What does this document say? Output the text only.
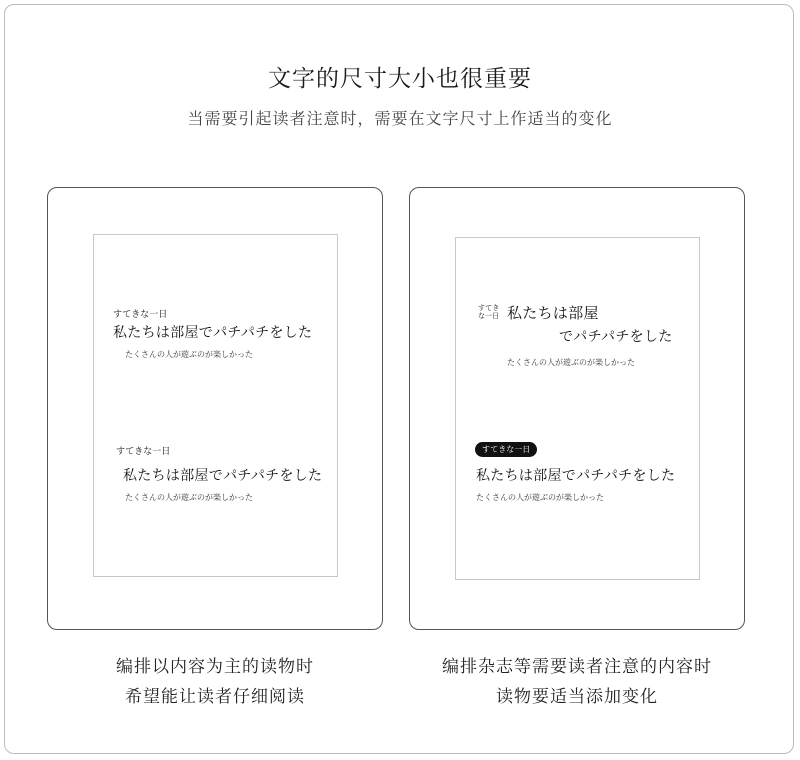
文字的尺寸大小也很重要
当需要引起读者注意时，需要在文字尺寸上作适当的变化
すてきな一日
私たちは部屋でパチパチをした
たくさんの人が遊ぶのが楽しかった
すてきな一日
私たちは部屋でパチパチをした
たくさんの人が遊ぶのが楽しかった
すてき
な一日 私たちは部屋
でパチパチをした
たくさんの人が遊ぶのが楽しかった
すてきな一日
私たちは部屋でパチパチをした
たくさんの人が遊ぶのが楽しかった
编排以内容为主的读物时
希望能让读者仔细阅读
编排杂志等需要读者注意的内容时
读物要适当添加变化
